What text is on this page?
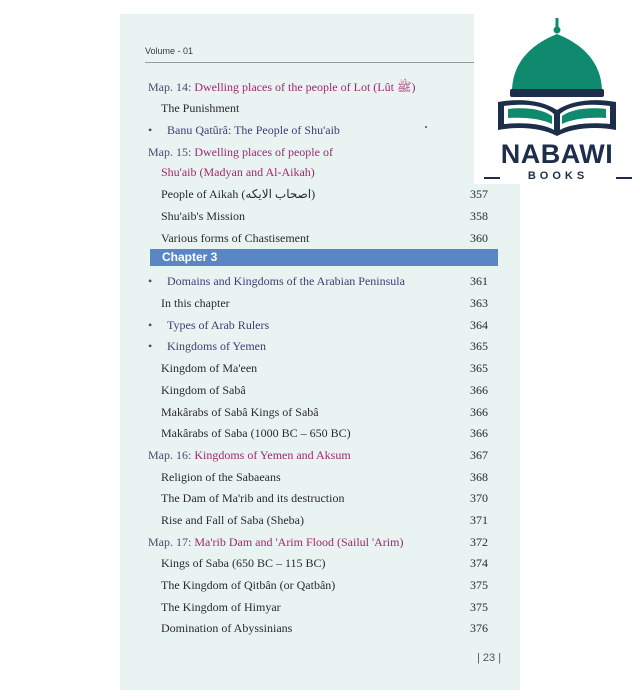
Volume - 01
Map. 14: Dwelling places of the people of Lot (Lût ﷺ)
The Punishment
• Banu Qatûrâ: The People of Shu'aib
Map. 15: Dwelling places of people of
Shu'aib (Madyan and Al-Aikah)
People of Aikah (اصحاب الايكه)	357
Shu'aib's Mission	358
Various forms of Chastisement	360
• Domains and Kingdoms of the Arabian Peninsula	361
In this chapter	363
• Types of Arab Rulers	364
• Kingdoms of Yemen	365
Kingdom of Ma'een	365
Kingdom of Sabâ	366
Makârabs of Sabâ Kings of Sabâ	366
Makârabs of Saba (1000 BC – 650 BC)	366
Map. 16: Kingdoms of Yemen and Aksum	367
Religion of the Sabaeans	368
The Dam of Ma'rib and its destruction	370
Rise and Fall of Saba (Sheba)	371
Map. 17: Ma'rib Dam and 'Arim Flood (Sailul 'Arim)	372
Kings of Saba (650 BC – 115 BC)	374
The Kingdom of Qitbân (or Qatbân)	375
The Kingdom of Himyar	375
Domination of Abyssinians	376
Chapter 3
| 23 |
NABAWI
BOOKS
